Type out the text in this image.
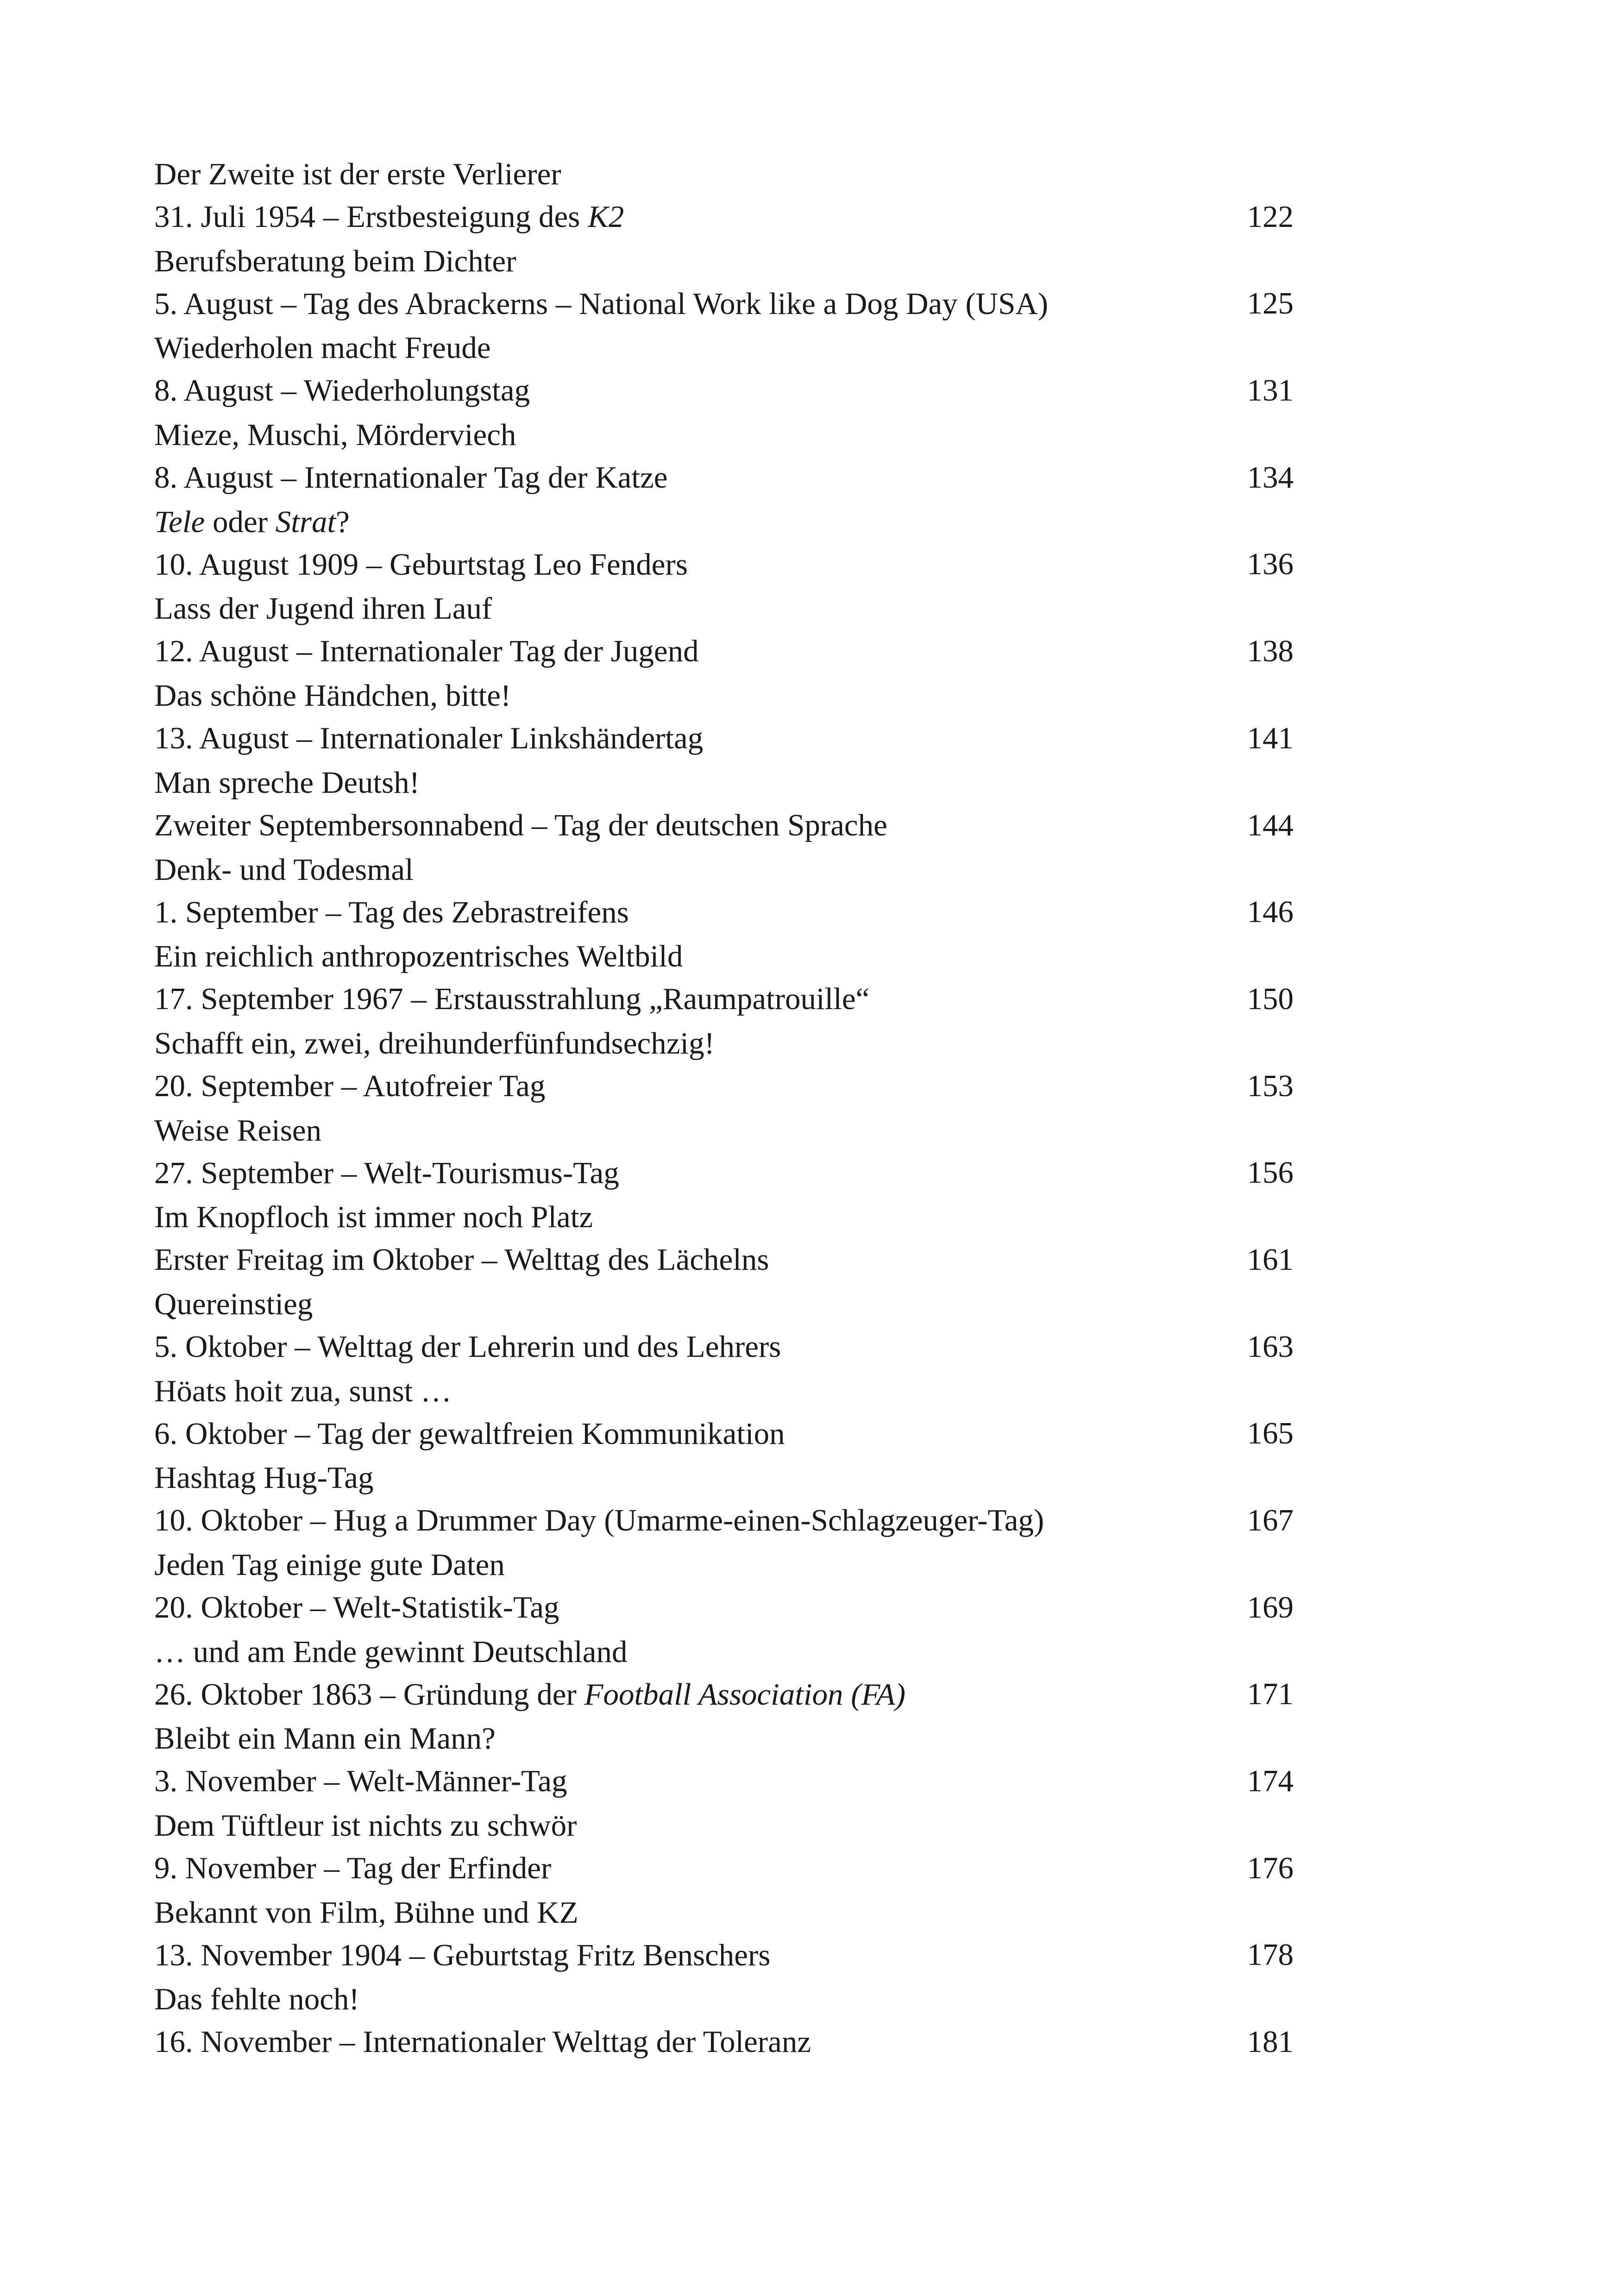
Der Zweite ist der erste Verlierer
31. Juli 1954 – Erstbesteigung des K2	122
Berufsberatung beim Dichter
5. August – Tag des Abrackerns – National Work like a Dog Day (USA)	125
Wiederholen macht Freude
8. August – Wiederholungstag	131
Mieze, Muschi, Mörderviech
8. August – Internationaler Tag der Katze	134
Tele oder Strat?
10. August 1909 – Geburtstag Leo Fenders	136
Lass der Jugend ihren Lauf
12. August – Internationaler Tag der Jugend	138
Das schöne Händchen, bitte!
13. August – Internationaler Linkshändertag	141
Man spreche Deutsh!
Zweiter Septembersonnabend – Tag der deutschen Sprache	144
Denk- und Todesmal
1. September – Tag des Zebrastreifens	146
Ein reichlich anthropozentrisches Weltbild
17. September 1967 – Erstausstrahlung „Raumpatrouille“	150
Schafft ein, zwei, dreihunderfünfundsechzig!
20. September – Autofreier Tag	153
Weise Reisen
27. September – Welt-Tourismus-Tag	156
Im Knopfloch ist immer noch Platz
Erster Freitag im Oktober – Welttag des Lächelns	161
Quereinstieg
5. Oktober – Welttag der Lehrerin und des Lehrers	163
Höats hoit zua, sunst …
6. Oktober – Tag der gewaltfreien Kommunikation	165
Hashtag Hug-Tag
10. Oktober – Hug a Drummer Day (Umarme-einen-Schlagzeuger-Tag)	167
Jeden Tag einige gute Daten
20. Oktober – Welt-Statistik-Tag	169
… und am Ende gewinnt Deutschland
26. Oktober 1863 – Gründung der Football Association (FA)	171
Bleibt ein Mann ein Mann?
3. November – Welt-Männer-Tag	174
Dem Tüftleur ist nichts zu schwör
9. November – Tag der Erfinder	176
Bekannt von Film, Bühne und KZ
13. November 1904 – Geburtstag Fritz Benschers	178
Das fehlte noch!
16. November – Internationaler Welttag der Toleranz	181
